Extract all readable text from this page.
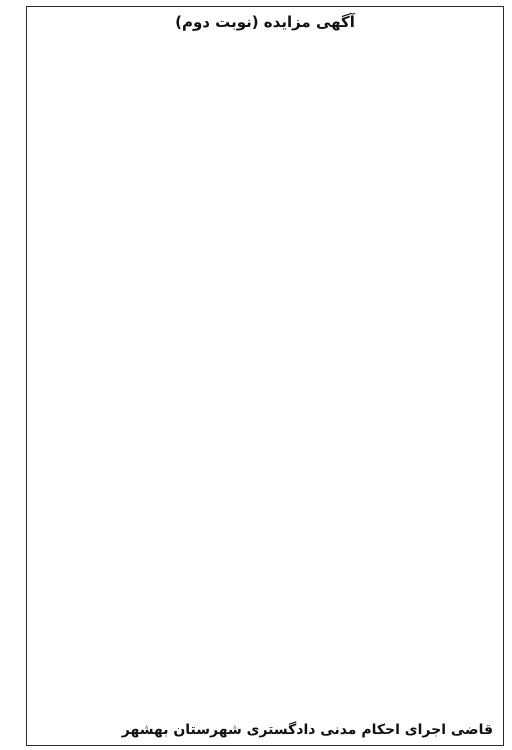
آگهی مزایده (نوبت دوم)

قاضی اجرای احکام مدنی دادگستری شهرستان بهشهر
